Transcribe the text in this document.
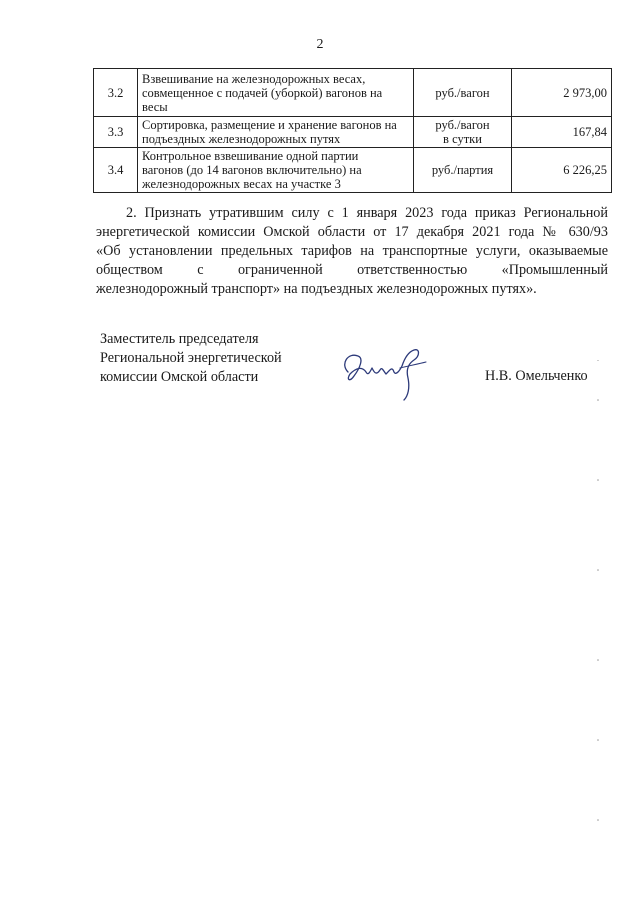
2
3.2	Взвешивание на железнодорожных весах,
совмещенное с подачей (уборкой) вагонов на
весы	руб./вагон	2 973,00
3.3	Сортировка, размещение и хранение вагонов на
подъездных железнодорожных путях	руб./вагон
в сутки	167,84
3.4	Контрольное взвешивание одной партии
вагонов (до 14 вагонов включительно) на
железнодорожных весах на участке 3	руб./партия	6 226,25
2. Признать утратившим силу с 1 января 2023 года приказ Региональной
энергетической комиссии Омской области от 17 декабря 2021 года № 630/93
«Об установлении предельных тарифов на транспортные услуги, оказываемые
обществом с ограниченной ответственностью «Промышленный
железнодорожный транспорт» на подъездных железнодорожных путях».
Заместитель председателя
Региональной энергетической
комиссии Омской области	Н.В. Омельченко
